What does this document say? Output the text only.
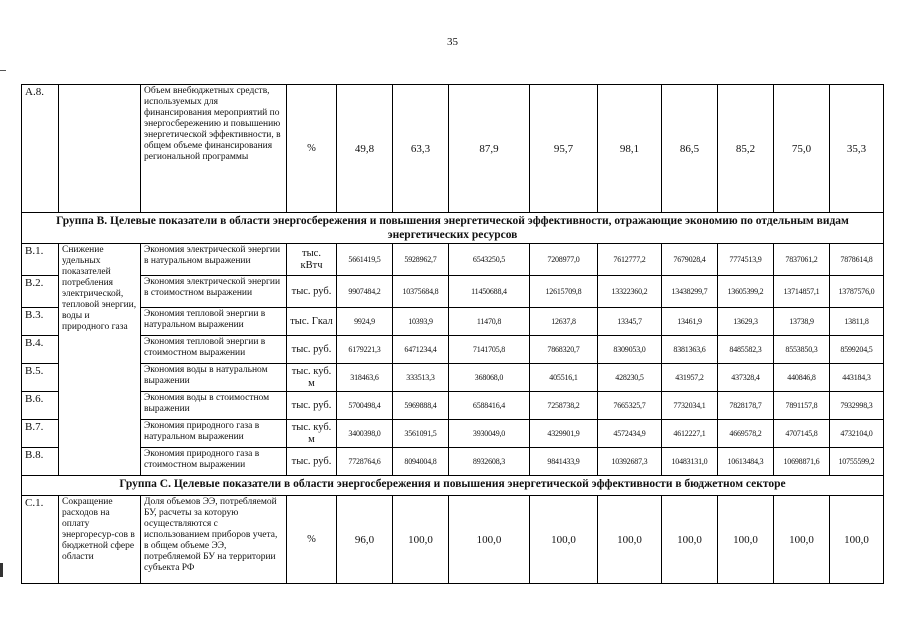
35
А.8.		Объем внебюджетных средств, используемых для финансирования мероприятий по энергосбережению и повышению энергетической эффективности, в общем объеме финансирования региональной программы	%	49,8	63,3	87,9	95,7	98,1	86,5	85,2	75,0	35,3
Группа В. Целевые показатели в области энергосбережения и повышения энергетической эффективности, отражающие экономию по отдельным видам энергетических ресурсов												
В.1.	Снижение удельных показателей потребления электрической, тепловой энергии, воды и природного газа	Экономия электрической энергии в натуральном выражении	тыс. кВтч	5661419,5	5928962,7	6543250,5	7208977,0	7612777,2	7679028,4	7774513,9	7837061,2	7878614,8
В.2.		Экономия электрической энергии в стоимостном выражении	тыс. руб.	9907484,2	10375684,8	11450688,4	12615709,8	13322360,2	13438299,7	13605399,2	13714857,1	13787576,0
В.3.		Экономия тепловой энергии в натуральном выражении	тыс. Гкал	9924,9	10393,9	11470,8	12637,8	13345,7	13461,9	13629,3	13738,9	13811,8
В.4.		Экономия тепловой энергии в стоимостном выражении	тыс. руб.	6179221,3	6471234,4	7141705,8	7868320,7	8309053,0	8381363,6	8485582,3	8553850,3	8599204,5
В.5.		Экономия воды в натуральном выражении	тыс. куб. м	318463,6	333513,3	368068,0	405516,1	428230,5	431957,2	437328,4	440846,8	443184,3
В.6.		Экономия воды в стоимостном выражении	тыс. руб.	5700498,4	5969888,4	6588416,4	7258738,2	7665325,7	7732034,1	7828178,7	7891157,8	7932998,3
В.7.		Экономия природного газа в натуральном выражении	тыс. куб. м	3400398,0	3561091,5	3930049,0	4329901,9	4572434,9	4612227,1	4669578,2	4707145,8	4732104,0
В.8.		Экономия природного газа в стоимостном выражении	тыс. руб.	7728764,6	8094004,8	8932608,3	9841433,9	10392687,3	10483131,0	10613484,3	10698871,6	10755599,2
Группа С. Целевые показатели в области энергосбережения и повышения энергетической эффективности в бюджетном секторе												
С.1.	Сокращение расходов на оплату энергоресур-сов в бюджетной сфере области	Доля объемов ЭЭ, потребляемой БУ, расчеты за которую осуществляются с использованием приборов учета, в общем объеме ЭЭ, потребляемой БУ на территории субъекта РФ	%	96,0	100,0	100,0	100,0	100,0	100,0	100,0	100,0	100,0
